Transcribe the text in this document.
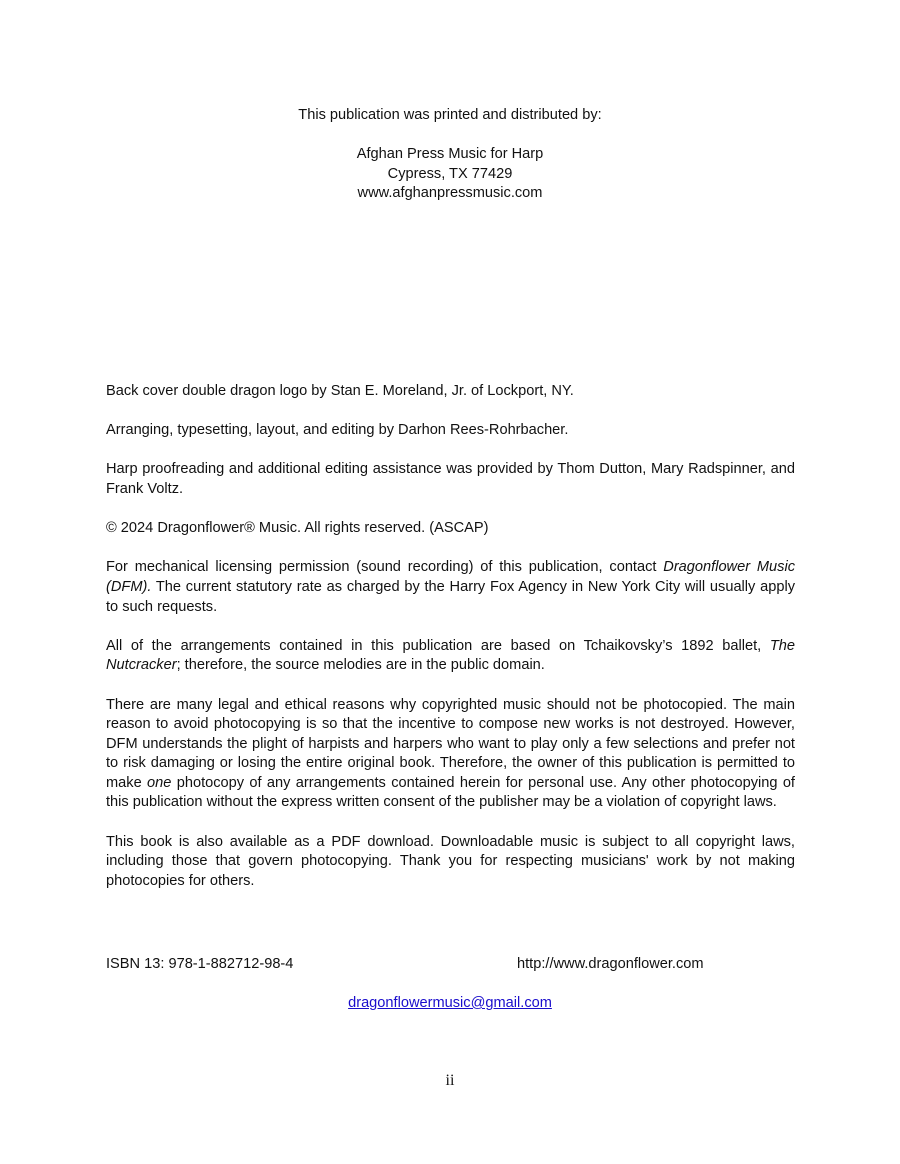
This publication was printed and distributed by:
Afghan Press Music for Harp
Cypress, TX 77429
www.afghanpressmusic.com

Back cover double dragon logo by Stan E. Moreland, Jr. of Lockport, NY.

Arranging, typesetting, layout, and editing by Darhon Rees-Rohrbacher.

Harp proofreading and additional editing assistance was provided by Thom Dutton, Mary Radspinner, and Frank Voltz.

© 2024 Dragonflower® Music. All rights reserved. (ASCAP)

For mechanical licensing permission (sound recording) of this publication, contact Dragonflower Music (DFM). The current statutory rate as charged by the Harry Fox Agency in New York City will usually apply to such requests.

All of the arrangements contained in this publication are based on Tchaikovsky’s 1892 ballet, The Nutcracker; therefore, the source melodies are in the public domain.

There are many legal and ethical reasons why copyrighted music should not be photocopied. The main reason to avoid photocopying is so that the incentive to compose new works is not destroyed. However, DFM understands the plight of harpists and harpers who want to play only a few selections and prefer not to risk damaging or losing the entire original book. Therefore, the owner of this publication is permitted to make one photocopy of any arrangements contained herein for personal use. Any other photocopying of this publication without the express written consent of the publisher may be a violation of copyright laws.

This book is also available as a PDF download. Downloadable music is subject to all copyright laws, including those that govern photocopying. Thank you for respecting musicians' work by not making photocopies for others.

ISBN 13: 978-1-882712-98-4	http://www.dragonflower.com
dragonflowermusic@gmail.com
ii
